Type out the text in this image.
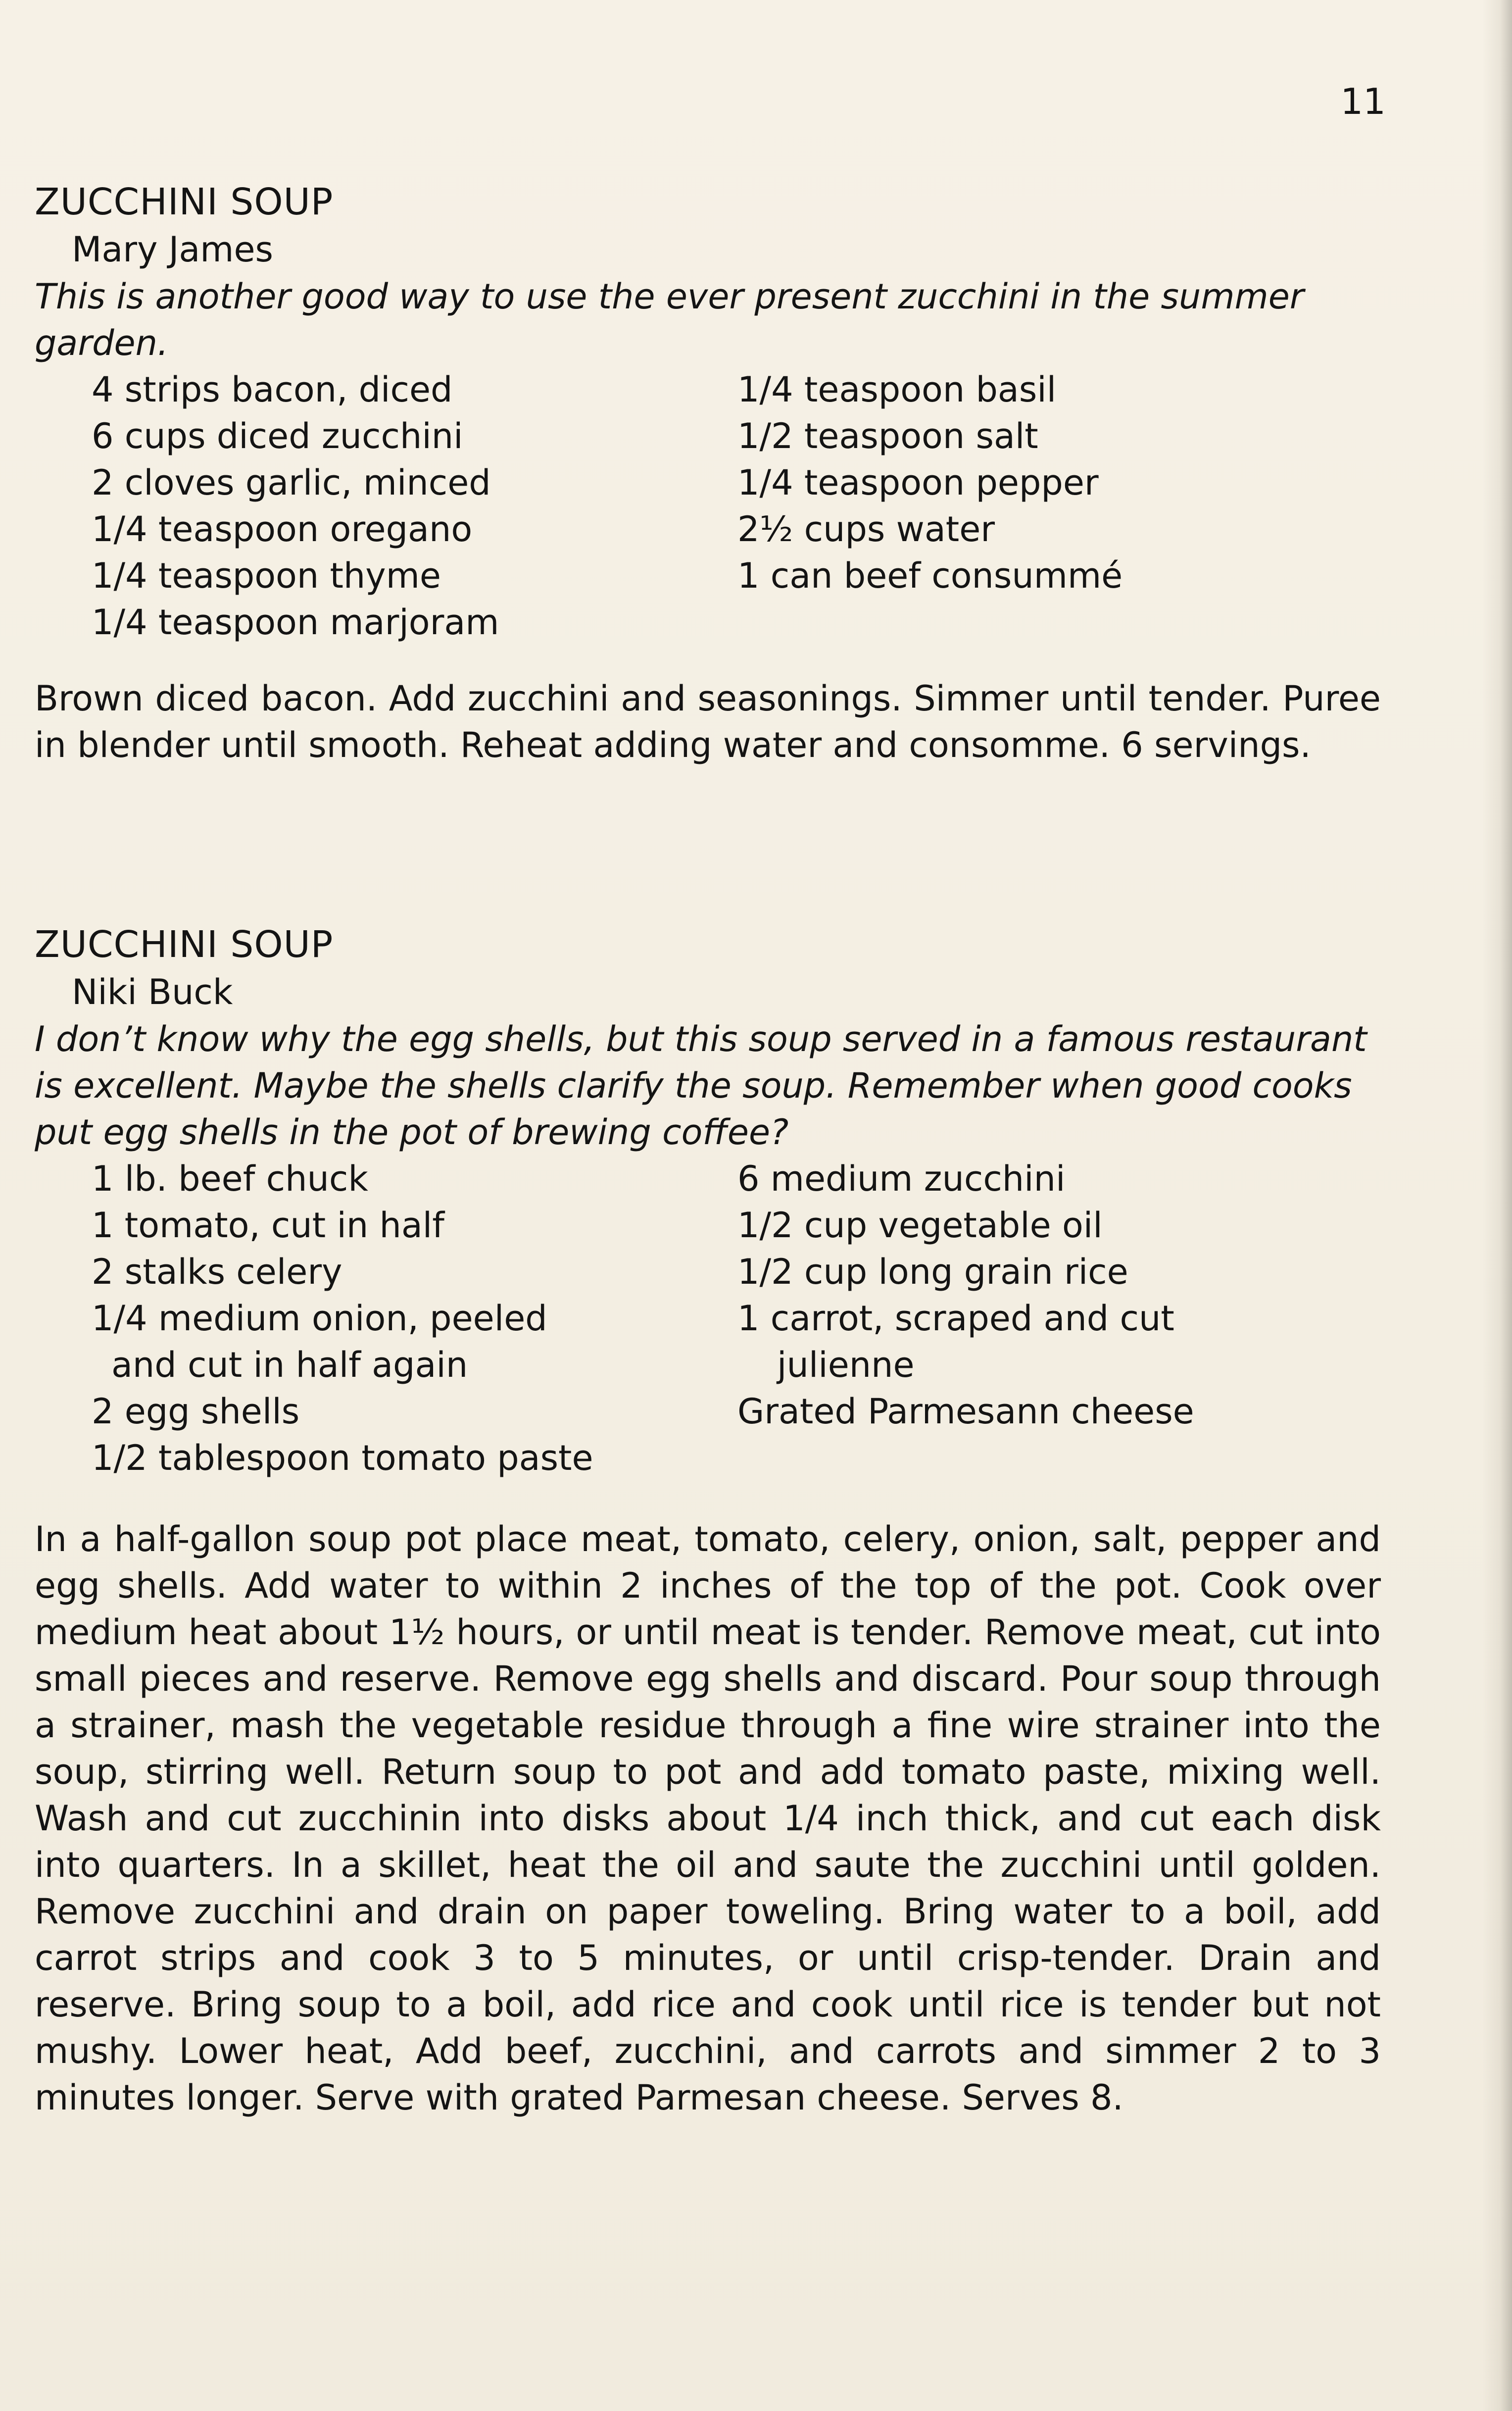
11
ZUCCHINI SOUP
Mary James
This is another good way to use the ever present zucchini in the summer garden.
4 strips bacon, diced
6 cups diced zucchini
2 cloves garlic, minced
1/4 teaspoon oregano
1/4 teaspoon thyme
1/4 teaspoon marjoram
1/4 teaspoon basil
1/2 teaspoon salt
1/4 teaspoon pepper
2½ cups water
1 can beef consummé

Brown diced bacon. Add zucchini and seasonings. Simmer until tender. Puree in blender until smooth. Reheat adding water and consomme. 6 servings.

ZUCCHINI SOUP
Niki Buck
I don’t know why the egg shells, but this soup served in a famous restaurant is excellent. Maybe the shells clarify the soup. Remember when good cooks put egg shells in the pot of brewing coffee?
1 lb. beef chuck
1 tomato, cut in half
2 stalks celery
1/4 medium onion, peeled
and cut in half again
2 egg shells
1/2 tablespoon tomato paste
6 medium zucchini
1/2 cup vegetable oil
1/2 cup long grain rice
1 carrot, scraped and cut
julienne
Grated Parmesann cheese

In a half-gallon soup pot place meat, tomato, celery, onion, salt, pepper and egg shells. Add water to within 2 inches of the top of the pot. Cook over medium heat about 1½ hours, or until meat is tender. Remove meat, cut into small pieces and reserve. Remove egg shells and discard. Pour soup through a strainer, mash the vegetable residue through a fine wire strainer into the soup, stirring well. Return soup to pot and add tomato paste, mixing well. Wash and cut zucchinin into disks about 1/4 inch thick, and cut each disk into quarters. In a skillet, heat the oil and saute the zucchini until golden. Remove zucchini and drain on paper toweling. Bring water to a boil, add carrot strips and cook 3 to 5 minutes, or until crisp-tender. Drain and reserve. Bring soup to a boil, add rice and cook until rice is tender but not mushy. Lower heat, Add beef, zucchini, and carrots and simmer 2 to 3 minutes longer. Serve with grated Parmesan cheese. Serves 8.
